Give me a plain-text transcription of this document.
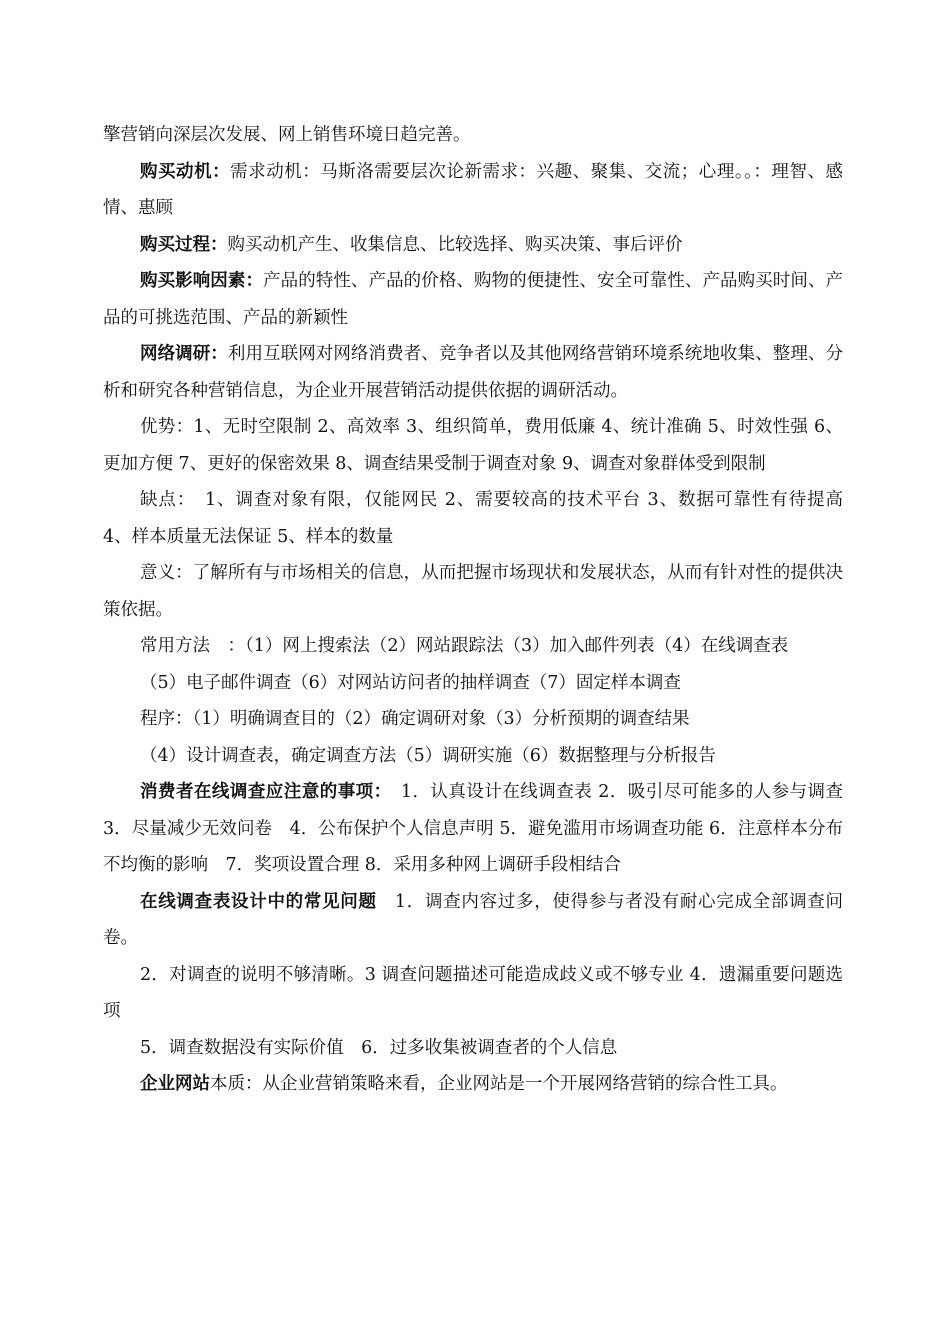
擎营销向深层次发展、网上销售环境日趋完善。

购买动机：需求动机：马斯洛需要层次论新需求：兴趣、聚集、交流；心理。。：理智、感情、惠顾

购买过程：购买动机产生、收集信息、比较选择、购买决策、事后评价

购买影响因素：产品的特性、产品的价格、购物的便捷性、安全可靠性、产品购买时间、产品的可挑选范围、产品的新颖性

网络调研：利用互联网对网络消费者、竞争者以及其他网络营销环境系统地收集、整理、分析和研究各种营销信息，为企业开展营销活动提供依据的调研活动。

优势：1、无时空限制 2、高效率 3、组织简单，费用低廉 4、统计准确 5、时效性强 6、更加方便 7、更好的保密效果 8、调查结果受制于调查对象 9、调查对象群体受到限制

缺点：　1、调查对象有限，仅能网民 2、需要较高的技术平台 3、数据可靠性有待提高　4、样本质量无法保证 5、样本的数量

意义：了解所有与市场相关的信息，从而把握市场现状和发展状态，从而有针对性的提供决策依据。

常用方法　：（1）网上搜索法（2）网站跟踪法（3）加入邮件列表（4）在线调查表

（5）电子邮件调查（6）对网站访问者的抽样调查（7）固定样本调查

程序：（1）明确调查目的（2）确定调研对象（3）分析预期的调查结果

（4）设计调查表，确定调查方法（5）调研实施（6）数据整理与分析报告

消费者在线调查应注意的事项：　1．认真设计在线调查表 2．吸引尽可能多的人参与调查 3．尽量减少无效问卷　4．公布保护个人信息声明 5．避免滥用市场调查功能 6．注意样本分布不均衡的影响　7．奖项设置合理 8．采用多种网上调研手段相结合

在线调查表设计中的常见问题　1．调查内容过多，使得参与者没有耐心完成全部调查问卷。

2．对调查的说明不够清晰。3 调查问题描述可能造成歧义或不够专业 4．遗漏重要问题选项

5．调查数据没有实际价值　6．过多收集被调查者的个人信息

企业网站本质：从企业营销策略来看，企业网站是一个开展网络营销的综合性工具。
